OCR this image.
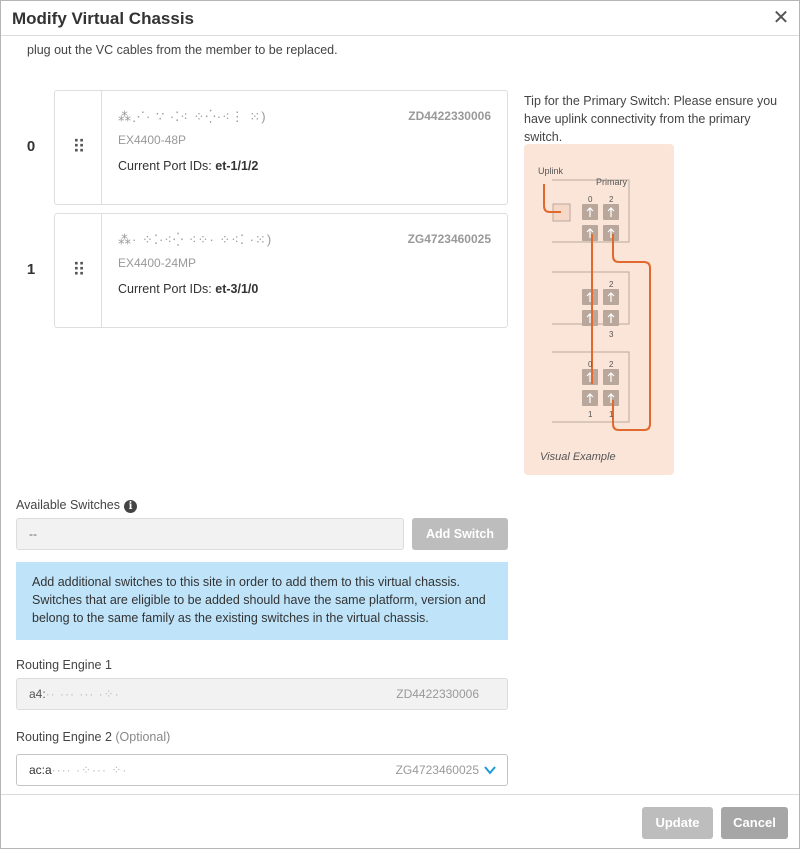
Modify Virtual Chassis	✕
plug out the VC cables from the member to be replaced.
0	⠿
⁂⋰· ∵ ·⁚⁖ ⁘⁛·⁖⋮ ⁙)	ZD4422330006
EX4400-48P
Current Port IDs: et-1/1/2
1	⠿
⁂· ⁘⁚·⁖⁛ ⁖⁘· ⁘⁖⁚ ·⁙)	ZG4723460025
EX4400-24MP
Current Port IDs: et-3/1/0
Tip for the Primary Switch: Please ensure you have uplink connectivity from the primary switch.
Uplink
Primary
0 2
2
3
0 2
1 1
Visual Example
Available Switches i
--	Add Switch
Add additional switches to this site in order to add them to this virtual chassis. Switches that are eligible to be added should have the same platform, version and belong to the same family as the existing switches in the virtual chassis.
Routing Engine 1
a4:·· ··· ··· ·⁘·	ZD4422330006
Routing Engine 2 (Optional)
ac:a···· ·⁘··· ⁘·	ZG4723460025
Update	Cancel
